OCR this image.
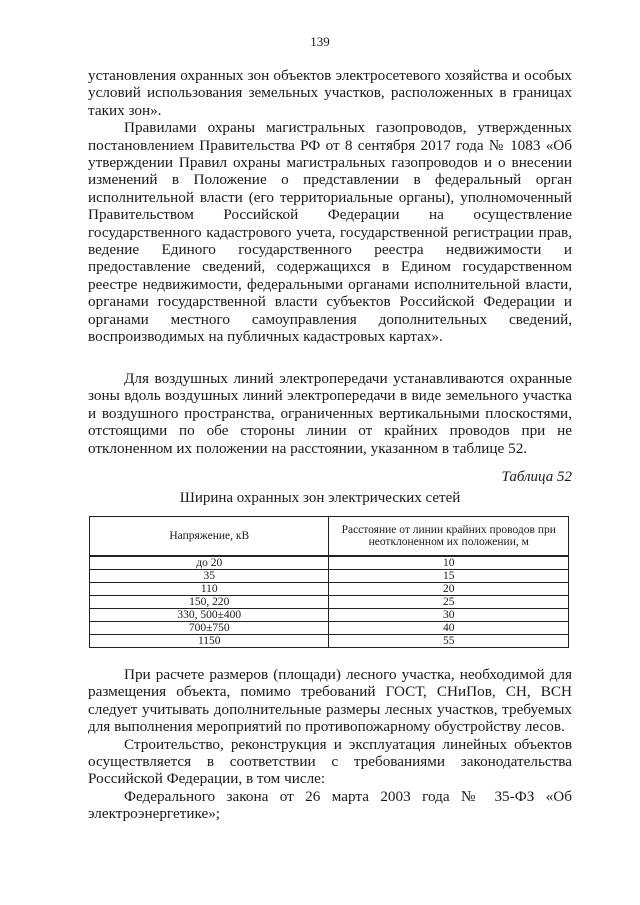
139

установления охранных зон объектов электросетевого хозяйства и особых условий использования земельных участков, расположенных в границах таких зон».

Правилами охраны магистральных газопроводов, утвержденных постановлением Правительства РФ от 8 сентября 2017 года № 1083 «Об утверждении Правил охраны магистральных газопроводов и о внесении изменений в Положение о представлении в федеральный орган исполнительной власти (его территориальные органы), уполномоченный Правительством Российской Федерации на осуществление государственного кадастрового учета, государственной регистрации прав, ведение Единого государственного реестра недвижимости и предоставление сведений, содержащихся в Едином государственном реестре недвижимости, федеральными органами исполнительной власти, органами государственной власти субъектов Российской Федерации и органами местного самоуправления дополнительных сведений, воспроизводимых на публичных кадастровых картах».

Для воздушных линий электропередачи устанавливаются охранные зоны вдоль воздушных линий электропередачи в виде земельного участка и воздушного пространства, ограниченных вертикальными плоскостями, отстоящими по обе стороны линии от крайних проводов при не отклоненном их положении на расстоянии, указанном в таблице 52.

Таблица 52
Ширина охранных зон электрических сетей
Напряжение, кВ	Расстояние от линии крайних проводов при неотклоненном их положении, м
до 20	10
35	15
110	20
150, 220	25
330, 500±400	30
700±750	40
1150	55

При расчете размеров (площади) лесного участка, необходимой для размещения объекта, помимо требований ГОСТ, СНиПов, СН, ВСН следует учитывать дополнительные размеры лесных участков, требуемых для выполнения мероприятий по противопожарному обустройству лесов.

Строительство, реконструкция и эксплуатация линейных объектов осуществляется в соответствии с требованиями законодательства Российской Федерации, в том числе:

Федерального закона от 26 марта 2003 года № 35-ФЗ «Об электроэнергетике»;
